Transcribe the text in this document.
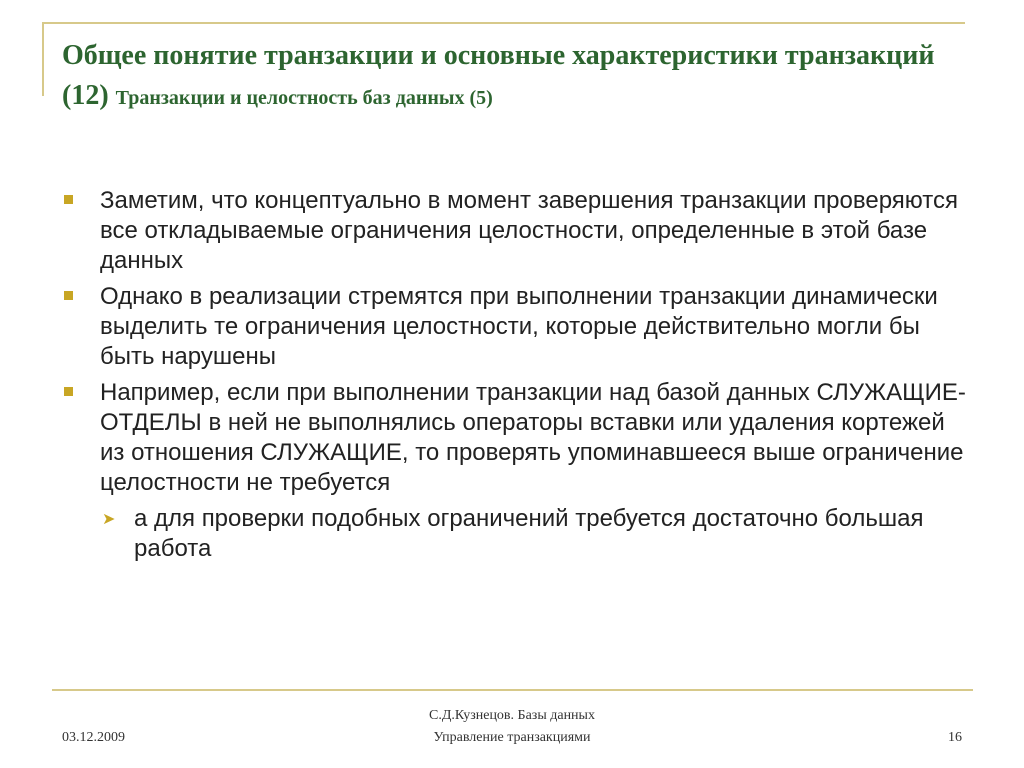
Общее понятие транзакции и основные характеристики транзакций (12) Транзакции и целостность баз данных (5)
Заметим, что концептуально в момент завершения транзакции проверяются все откладываемые ограничения целостности, определенные в этой базе данных
Однако в реализации стремятся при выполнении транзакции динамически выделить те ограничения целостности, которые действительно могли бы быть нарушены
Например, если при выполнении транзакции над базой данных СЛУЖАЩИЕ-ОТДЕЛЫ в ней не выполнялись операторы вставки или удаления кортежей из отношения СЛУЖАЩИЕ, то проверять упоминавшееся выше ограничение целостности не требуется
➤ а для проверки подобных ограничений требуется достаточно большая работа
03.12.2009
С.Д.Кузнецов. Базы данных
Управление транзакциями	16
